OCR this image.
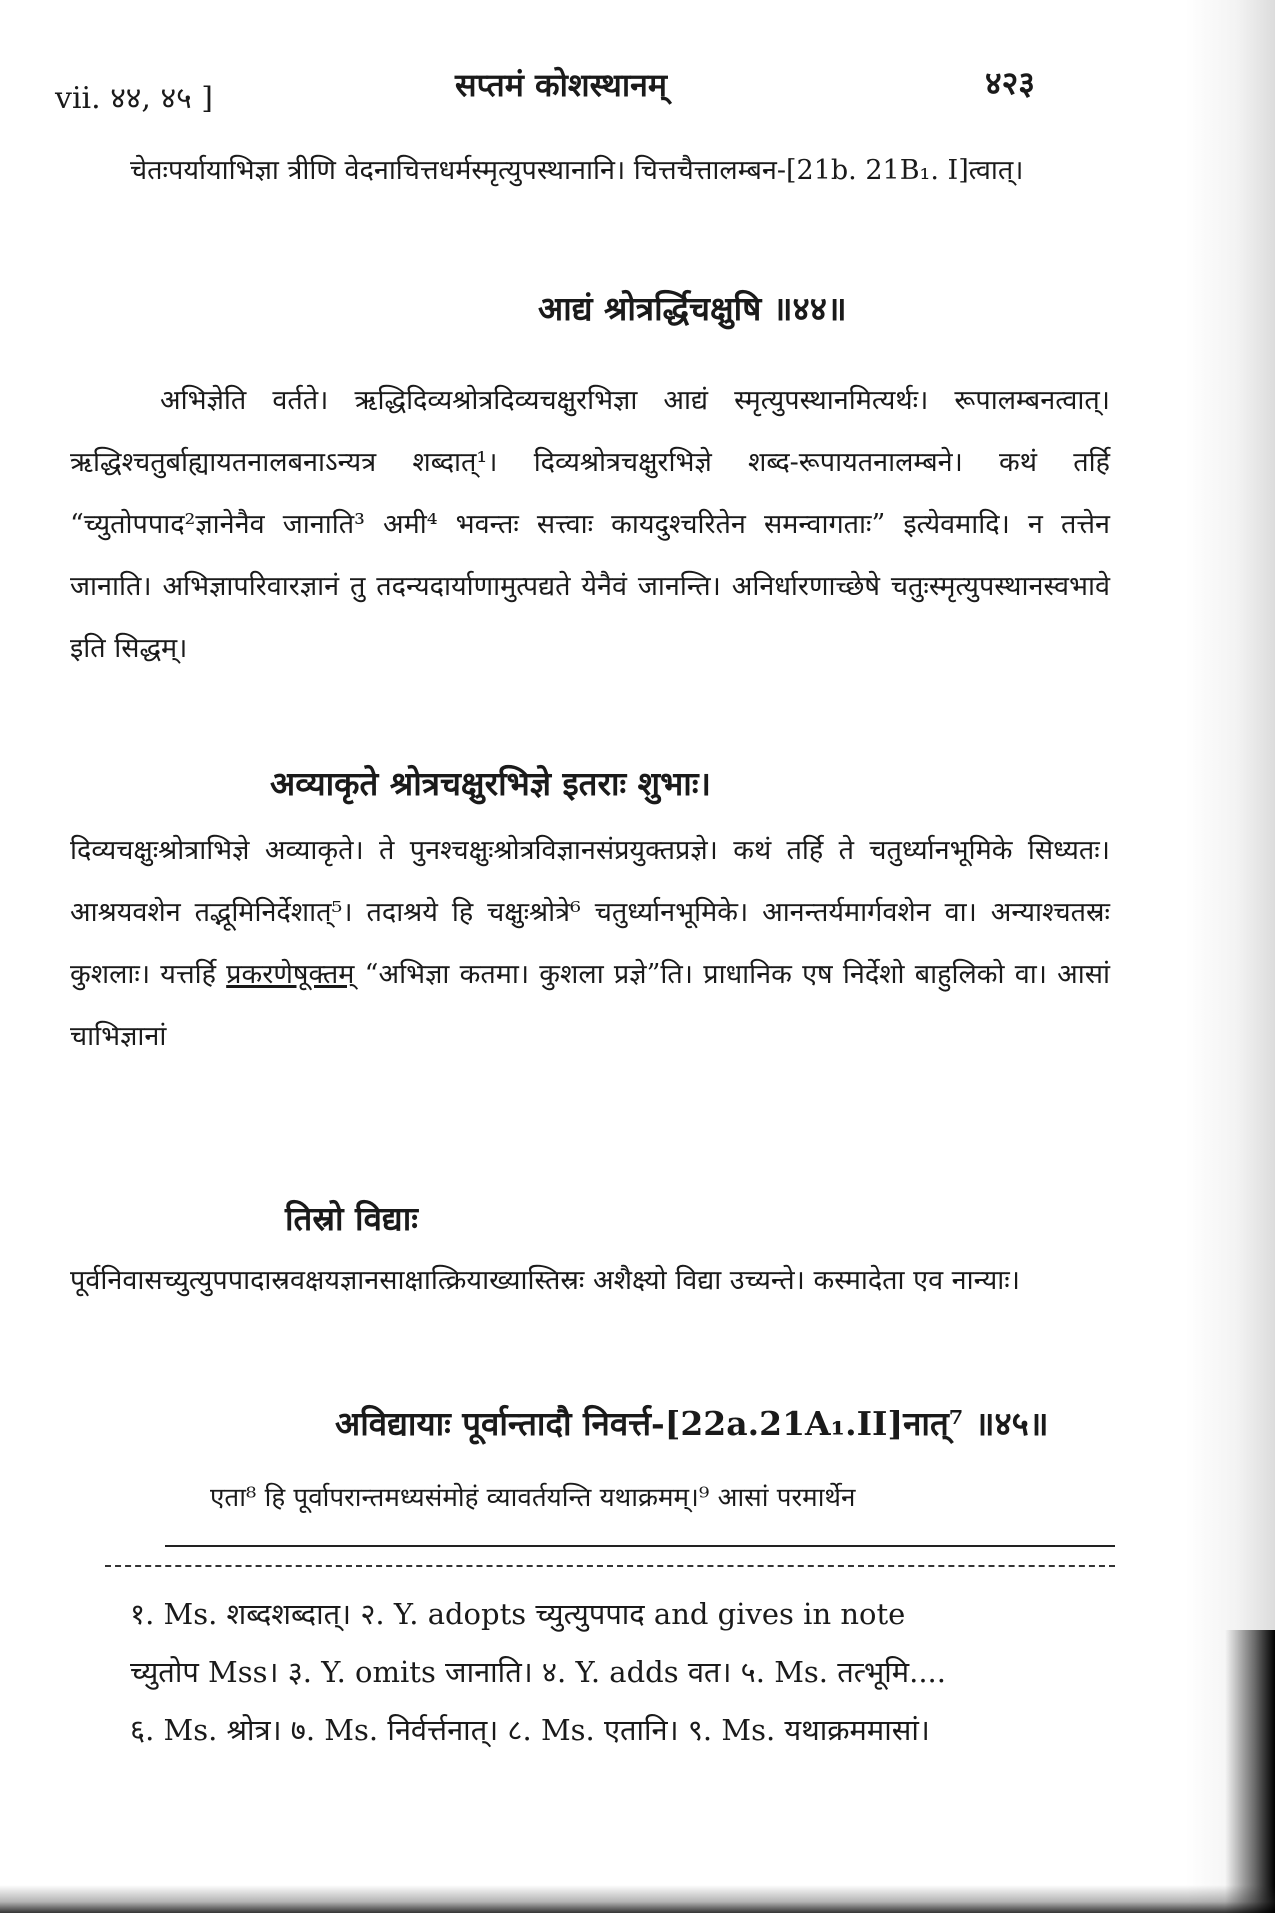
vii. ४४, ४५ ]	सप्तमं कोशस्थानम्	४२३
चेतःपर्यायाभिज्ञा त्रीणि वेदनाचित्तधर्मस्मृत्युपस्थानानि। चित्तचैत्तालम्बन-[21b. 21B₁. I]त्वात्।
आद्यं श्रोत्रर्द्धिचक्षुषि ॥४४॥
अभिज्ञेति वर्तते। ऋद्धिदिव्यश्रोत्रदिव्यचक्षुरभिज्ञा आद्यं स्मृत्युपस्थानमित्यर्थः। रूपालम्बनत्वात्। ऋद्धिश्चतुर्बाह्यायतनालबनाऽन्यत्र शब्दात्¹। दिव्यश्रोत्रचक्षुरभिज्ञे शब्द-रूपायतनालम्बने। कथं तर्हि “च्युतोपपाद²ज्ञानेनैव जानाति³ अमी⁴ भवन्तः सत्त्वाः कायदुश्चरितेन समन्वागताः” इत्येवमादि। न तत्तेन जानाति। अभिज्ञापरिवारज्ञानं तु तदन्यदार्याणामुत्पद्यते येनैवं जानन्ति। अनिर्धारणाच्छेषे चतुःस्मृत्युपस्थानस्वभावे इति सिद्धम्।
अव्याकृते श्रोत्रचक्षुरभिज्ञे इतराः शुभाः।
दिव्यचक्षुःश्रोत्राभिज्ञे अव्याकृते। ते पुनश्चक्षुःश्रोत्रविज्ञानसंप्रयुक्तप्रज्ञे। कथं तर्हि ते चतुर्ध्यानभूमिके सिध्यतः। आश्रयवशेन तद्भूमिनिर्देशात्⁵। तदाश्रये हि चक्षुःश्रोत्रे⁶ चतुर्ध्यानभूमिके। आनन्तर्यमार्गवशेन वा। अन्याश्चतस्रः कुशलाः। यत्तर्हि प्रकरणेषूक्तम् “अभिज्ञा कतमा। कुशला प्रज्ञे”ति। प्राधानिक एष निर्देशो बाहुलिको वा। आसां चाभिज्ञानां
तिस्रो विद्याः
पूर्वनिवासच्युत्युपपादास्रवक्षयज्ञानसाक्षात्क्रियाख्यास्तिस्रः अशैक्ष्यो विद्या उच्यन्ते। कस्मादेता एव नान्याः।
अविद्यायाः पूर्वान्तादौ निवर्त्त-[22a.21A₁.II]नात्⁷ ॥४५॥
एता⁸ हि पूर्वापरान्तमध्यसंमोहं व्यावर्तयन्ति यथाक्रमम्।⁹ आसां परमार्थेन
१. Ms. शब्दशब्दात्। २. Y. adopts च्युत्युपपाद and gives in note
च्युतोप Mss। ३. Y. omits जानाति। ४. Y. adds वत। ५. Ms. तत्भूमि....
६. Ms. श्रोत्र। ७. Ms. निर्वर्त्तनात्। ८. Ms. एतानि। ९. Ms. यथाक्रममासां।
